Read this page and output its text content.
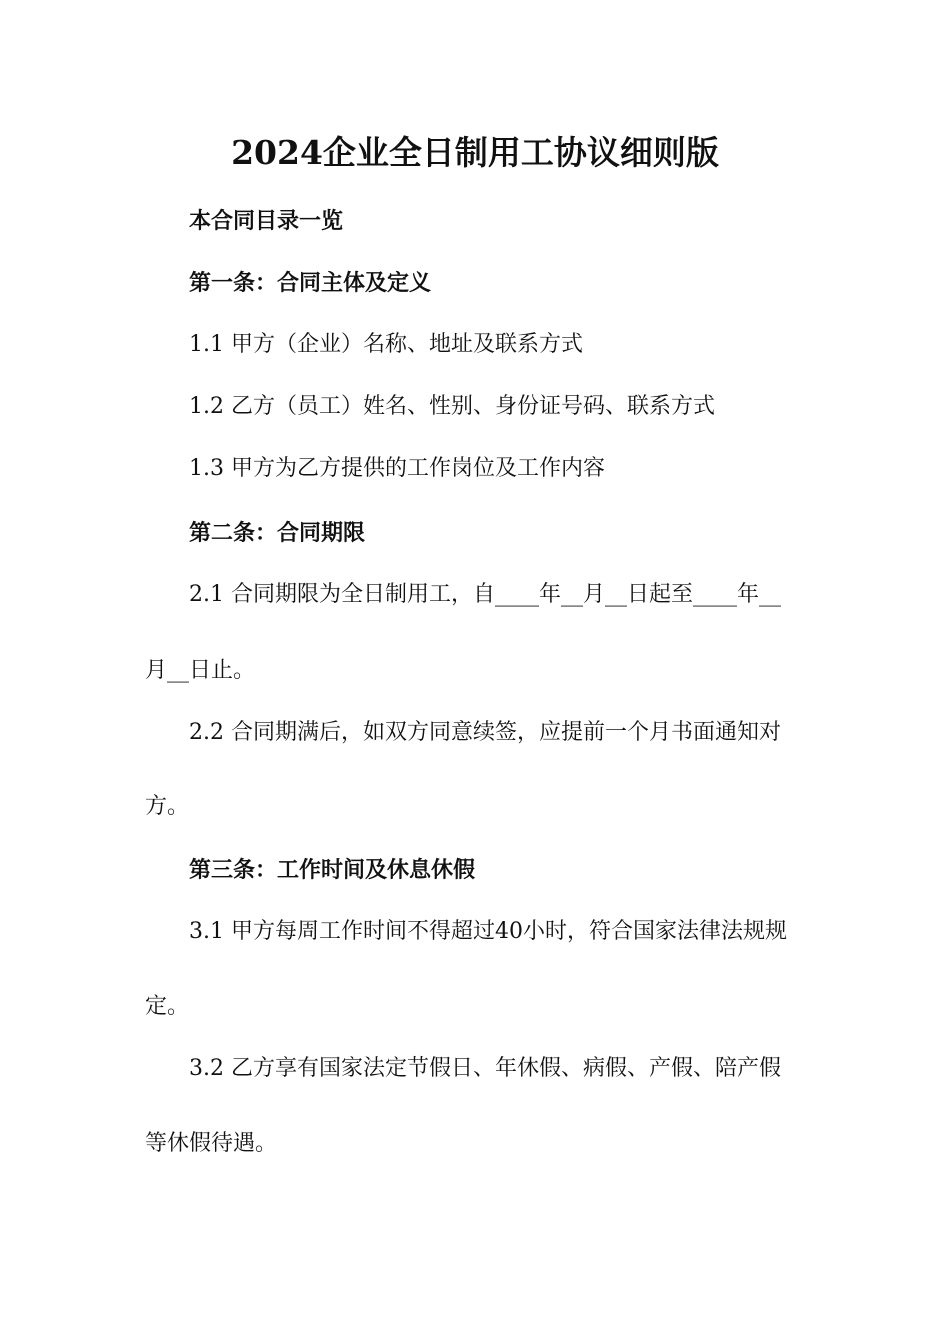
2024企业全日制用工协议细则版
本合同目录一览
第一条：合同主体及定义
1.1 甲方（企业）名称、地址及联系方式
1.2 乙方（员工）姓名、性别、身份证号码、联系方式
1.3 甲方为乙方提供的工作岗位及工作内容
第二条：合同期限
2.1 合同期限为全日制用工，自____年__月__日起至____年__
月__日止。
2.2 合同期满后，如双方同意续签，应提前一个月书面通知对
方。
第三条：工作时间及休息休假
3.1 甲方每周工作时间不得超过40小时，符合国家法律法规规
定。
3.2 乙方享有国家法定节假日、年休假、病假、产假、陪产假
等休假待遇。
